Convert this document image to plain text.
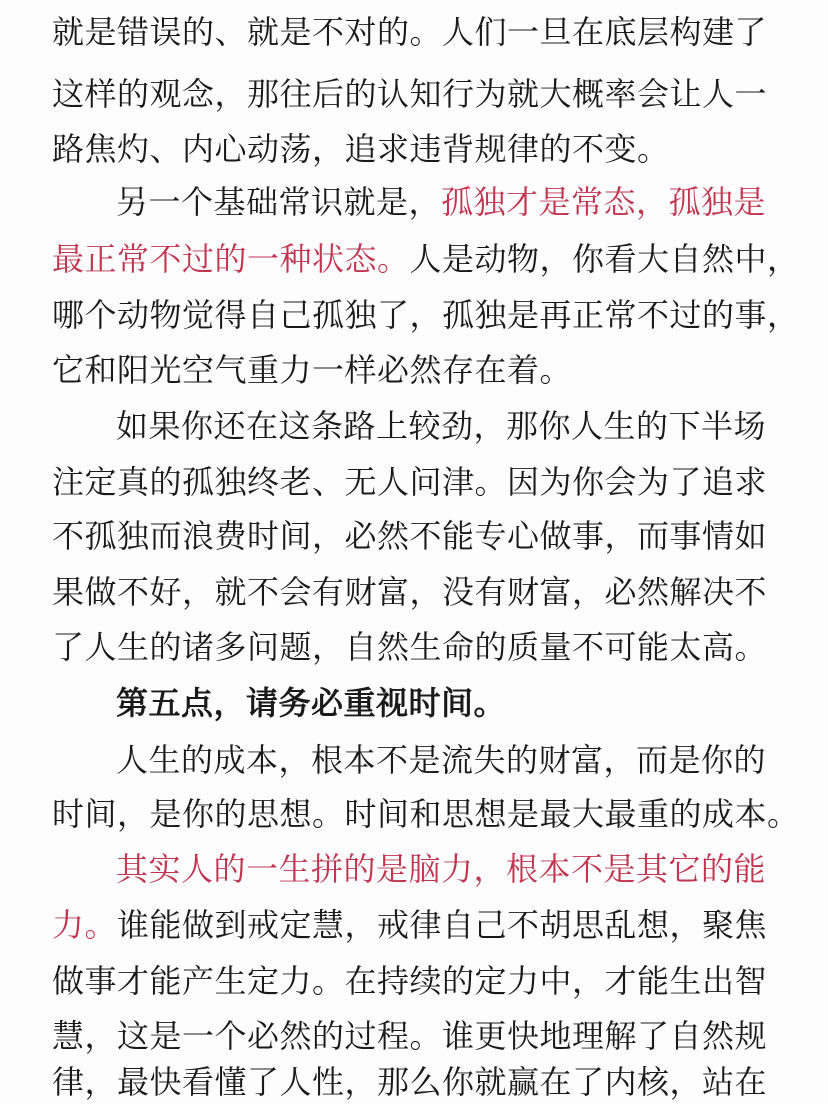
就是错误的、就是不对的。人们一旦在底层构建了
这样的观念，那往后的认知行为就大概率会让人一
路焦灼、内心动荡，追求违背规律的不变。
另一个基础常识就是，孤独才是常态，孤独是
最正常不过的一种状态。人是动物，你看大自然中，
哪个动物觉得自己孤独了，孤独是再正常不过的事，
它和阳光空气重力一样必然存在着。
如果你还在这条路上较劲，那你人生的下半场
注定真的孤独终老、无人问津。因为你会为了追求
不孤独而浪费时间，必然不能专心做事，而事情如
果做不好，就不会有财富，没有财富，必然解决不
了人生的诸多问题，自然生命的质量不可能太高。
第五点，请务必重视时间。
人生的成本，根本不是流失的财富，而是你的
时间，是你的思想。时间和思想是最大最重的成本。
其实人的一生拼的是脑力，根本不是其它的能
力。谁能做到戒定慧，戒律自己不胡思乱想，聚焦
做事才能产生定力。在持续的定力中，才能生出智
慧，这是一个必然的过程。谁更快地理解了自然规
律，最快看懂了人性，那么你就赢在了内核，站在
